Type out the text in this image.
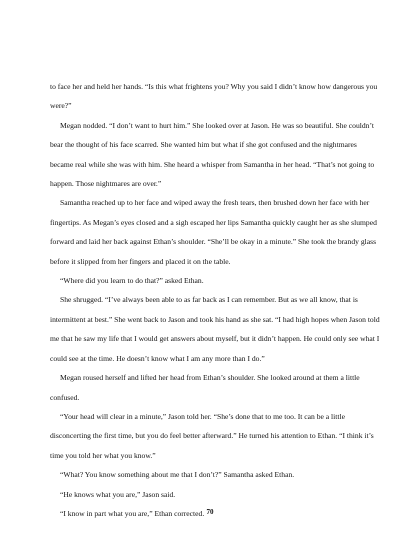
to face her and held her hands. “Is this what frightens you? Why you said I didn’t know how dangerous you were?”

Megan nodded. “I don’t want to hurt him.” She looked over at Jason. He was so beautiful. She couldn’t bear the thought of his face scarred. She wanted him but what if she got confused and the nightmares became real while she was with him. She heard a whisper from Samantha in her head. “That’s not going to happen. Those nightmares are over.”

Samantha reached up to her face and wiped away the fresh tears, then brushed down her face with her fingertips. As Megan’s eyes closed and a sigh escaped her lips Samantha quickly caught her as she slumped forward and laid her back against Ethan’s shoulder. “She’ll be okay in a minute.” She took the brandy glass before it slipped from her fingers and placed it on the table.

“Where did you learn to do that?” asked Ethan.

She shrugged. “I’ve always been able to as far back as I can remember. But as we all know, that is intermittent at best.” She went back to Jason and took his hand as she sat. “I had high hopes when Jason told me that he saw my life that I would get answers about myself, but it didn’t happen. He could only see what I could see at the time. He doesn’t know what I am any more than I do.”

Megan roused herself and lifted her head from Ethan’s shoulder. She looked around at them a little confused.

“Your head will clear in a minute,” Jason told her. “She’s done that to me too. It can be a little disconcerting the first time, but you do feel better afterward.” He turned his attention to Ethan. “I think it’s time you told her what you know.”

“What? You know something about me that I don’t?” Samantha asked Ethan.

“He knows what you are,” Jason said.

“I know in part what you are,” Ethan corrected. 70
